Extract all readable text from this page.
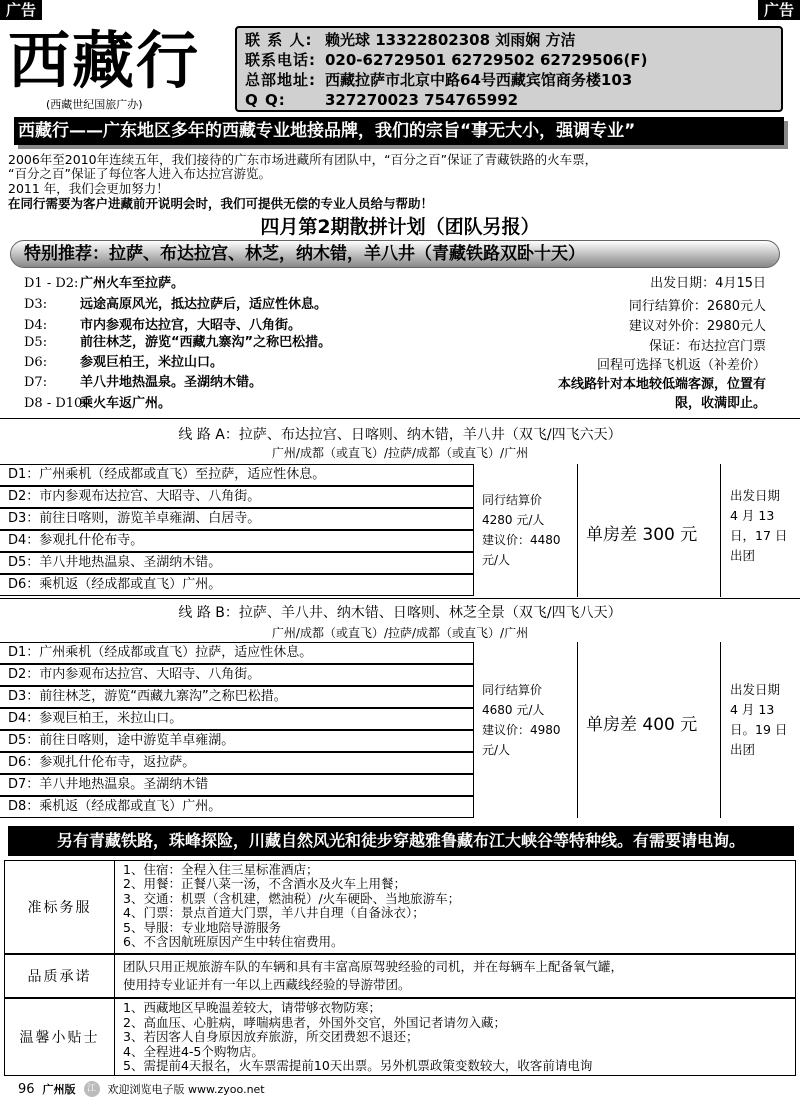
广告	广告
西藏行
(西藏世纪国旅广办)
联 系 人: 赖光球 13322802308 刘雨娴 方洁
联系电话: 020-62729501 62729502 62729506(F)
总部地址: 西藏拉萨市北京中路64号西藏宾馆商务楼103
Q Q:	327270023 754765992
西藏行——广东地区多年的西藏专业地接品牌，我们的宗旨“事无大小，强调专业”
2006年至2010年连续五年，我们接待的广东市场进藏所有团队中，“百分之百”保证了青藏铁路的火车票，
“百分之百”保证了每位客人进入布达拉宫游览。
2011 年，我们会更加努力！
在同行需要为客户进藏前开说明会时，我们可提供无偿的专业人员给与帮助！
四月第2期散拼计划（团队另报）
特别推荐：拉萨、布达拉宫、林芝，纳木错，羊八井（青藏铁路双卧十天）
D1 - D2: 广州火车至拉萨。
D3:	远途高原风光，抵达拉萨后，适应性休息。
D4:	市内参观布达拉宫，大昭寺、八角街。
D5:	前往林芝，游览“西藏九寨沟”之称巴松措。
D6:	参观巨柏王，米拉山口。
D7:	羊八井地热温泉。圣湖纳木错。
D8 - D10:乘火车返广州。
出发日期：4月15日
同行结算价：2680元人
建议对外价：2980元人
保证：布达拉宫门票
回程可选择飞机返（补差价）
本线路针对本地较低端客源，位置有
限，收满即止。
线 路 A：拉萨、布达拉宫、日喀则、纳木错，羊八井（双飞/四飞六天）
广州/成都（或直飞）/拉萨/成都（或直飞）/广州
D1：广州乘机（经成都或直飞）至拉萨，适应性休息。
D2：市内参观布达拉宫、大昭寺、八角街。
D3：前往日喀则，游览羊卓雍湖、白居寺。
D4：参观扎什伦布寺。
D5：羊八井地热温泉、圣湖纳木错。
D6：乘机返（经成都或直飞）广州。
同行结算价
4280 元/人
建议价：4480
元/人
单房差 300 元
出发日期
4 月 13
日，17 日
出团
线 路 B：拉萨、羊八井、纳木错、日喀则、林芝全景（双飞/四飞八天）
广州/成都（或直飞）/拉萨/成都（或直飞）/广州
D1：广州乘机（经成都或直飞）拉萨，适应性休息。
D2：市内参观布达拉宫、大昭寺、八角街。
D3：前往林芝，游览“西藏九寨沟”之称巴松措。
D4：参观巨柏王，米拉山口。
D5：前往日喀则，途中游览羊卓雍湖。
D6：参观扎什伦布寺，返拉萨。
D7：羊八井地热温泉。圣湖纳木错
D8：乘机返（经成都或直飞）广州。
同行结算价
4680 元/人
建议价：4980
元/人
单房差 400 元
出发日期
4 月 13
日。19 日
出团
另有青藏铁路，珠峰探险，川藏自然风光和徒步穿越雅鲁藏布江大峡谷等特种线。有需要请电询。
准标务服
1、住宿：全程入住三星标准酒店；
2、用餐：正餐八菜一汤，不含酒水及火车上用餐；
3、交通：机票（含机建，燃油税）/火车硬卧、当地旅游车；
4、门票：景点首道大门票，羊八井自理（自备泳衣）；
5、导服：专业地陪导游服务
6、不含因航班原因产生中转住宿费用。
品质承诺
团队只用正规旅游车队的车辆和具有丰富高原驾驶经验的司机，并在每辆车上配备氧气罐，
使用持专业证并有一年以上西藏线经验的导游带团。
温馨小贴士
1、西藏地区早晚温差较大，请带够衣物防寒；
2、高血压、心脏病，哮喘病患者，外国外交官，外国记者请勿入藏；
3、若因客人自身原因放弃旅游，所交团费恕不退还；
4、全程进4-5个购物店。
5、需提前4天报名，火车票需提前10天出票。另外机票政策变数较大，收客前请电询
96 广州版	江	欢迎浏览电子版 www.zyoo.net
